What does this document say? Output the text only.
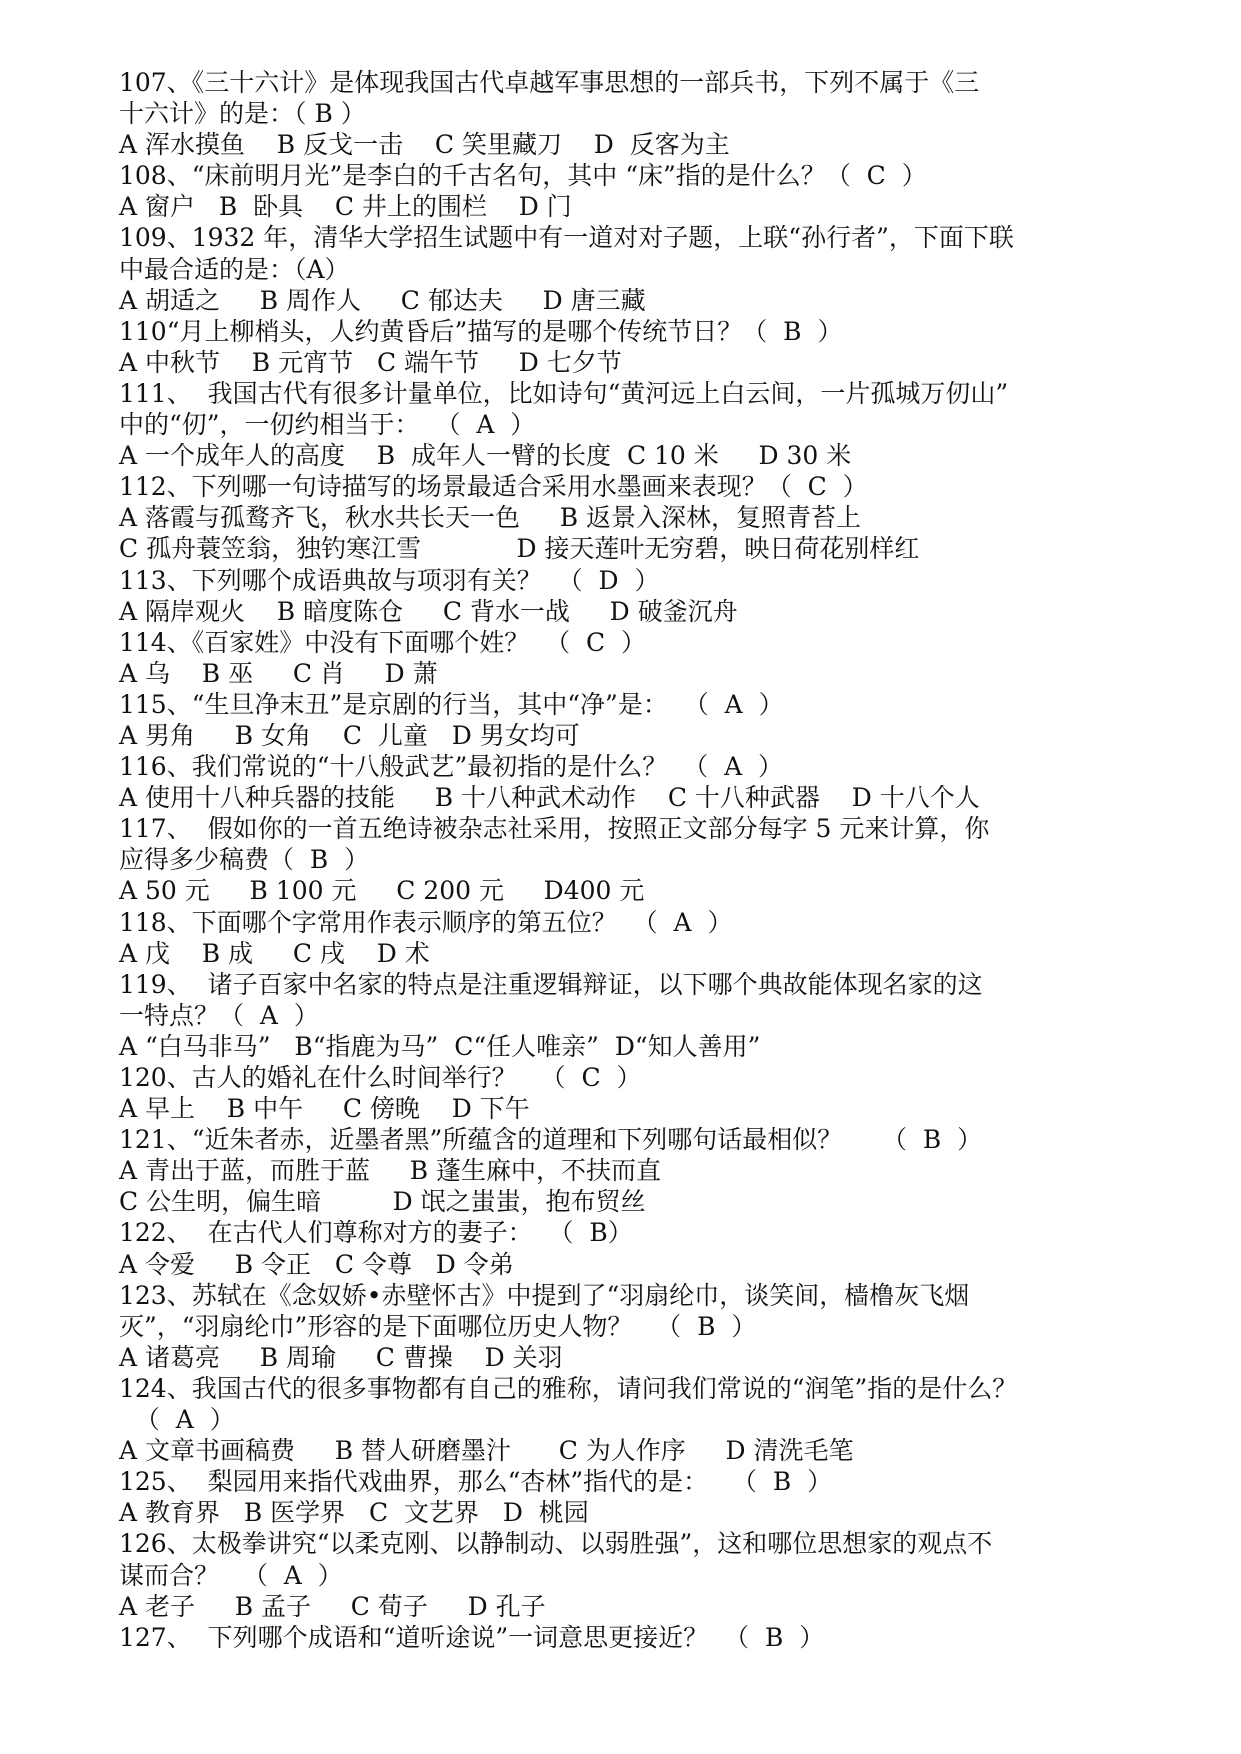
107、《三十六计》是体现我国古代卓越军事思想的一部兵书，下列不属于《三
十六计》的是：（ B ）
A 浑水摸鱼    B 反戈一击    C 笑里藏刀    D  反客为主
108、“床前明月光”是李白的千古名句，其中 “床”指的是什么？（  C  ）
A 窗户   B  卧具    C 井上的围栏    D 门
109、1932 年，清华大学招生试题中有一道对对子题，上联“孙行者”，下面下联
中最合适的是：（A）
A 胡适之     B 周作人     C 郁达夫     D 唐三藏
110“月上柳梢头，人约黄昏后”描写的是哪个传统节日？（  B  ）
A 中秋节    B 元宵节   C 端午节     D 七夕节
111、  我国古代有很多计量单位，比如诗句“黄河远上白云间，一片孤城万仞山”
中的“仞”，一仞约相当于：  （  A  ）
A 一个成年人的高度    B  成年人一臂的长度  C 10 米     D 30 米
112、下列哪一句诗描写的场景最适合采用水墨画来表现？（  C  ）
A 落霞与孤鹜齐飞，秋水共长天一色     B 返景入深林，复照青苔上
C 孤舟蓑笠翁，独钓寒江雪            D 接天莲叶无穷碧，映日荷花别样红
113、下列哪个成语典故与项羽有关？  （  D  ）
A 隔岸观火    B 暗度陈仓     C 背水一战     D 破釜沉舟
114、《百家姓》中没有下面哪个姓？  （  C  ）
A 乌    B 巫     C 肖     D 萧
115、“生旦净末丑”是京剧的行当，其中“净”是：  （  A  ）
A 男角     B 女角    C  儿童   D 男女均可
116、我们常说的“十八般武艺”最初指的是什么？  （  A  ）
A 使用十八种兵器的技能     B 十八种武术动作    C 十八种武器    D 十八个人
117、  假如你的一首五绝诗被杂志社采用，按照正文部分每字 5 元来计算，你
应得多少稿费（  B  ）
A 50 元     B 100 元     C 200 元     D400 元
118、下面哪个字常用作表示顺序的第五位？  （  A  ）
A 戊    B 成     C 戌    D 术
119、  诸子百家中名家的特点是注重逻辑辩证，以下哪个典故能体现名家的这
一特点？（  A  ）
A “白马非马”   B“指鹿为马”  C“任人唯亲”  D“知人善用”
120、古人的婚礼在什么时间举行？   （  C  ）
A 早上    B 中午     C 傍晚    D 下午
121、“近朱者赤，近墨者黑”所蕴含的道理和下列哪句话最相似？     （  B  ）
A 青出于蓝，而胜于蓝     B 蓬生麻中，不扶而直
C 公生明，偏生暗         D 氓之蚩蚩，抱布贸丝
122、  在古代人们尊称对方的妻子：  （  B）
A 令爱     B 令正   C 令尊   D 令弟
123、苏轼在《念奴娇•赤壁怀古》中提到了“羽扇纶巾，谈笑间，樯橹灰飞烟
灭”，“羽扇纶巾”形容的是下面哪位历史人物？   （  B  ）
A 诸葛亮     B 周瑜     C 曹操    D 关羽
124、我国古代的很多事物都有自己的雅称，请问我们常说的“润笔”指的是什么？
（  A  ）
A 文章书画稿费     B 替人研磨墨汁      C 为人作序     D 清洗毛笔
125、  梨园用来指代戏曲界，那么“杏林”指代的是：   （  B  ）
A 教育界   B 医学界   C  文艺界   D  桃园
126、太极拳讲究“以柔克刚、以静制动、以弱胜强”，这和哪位思想家的观点不
谋而合？   （  A  ）
A 老子     B 孟子     C 荀子     D 孔子
127、  下列哪个成语和“道听途说”一词意思更接近？  （  B  ）
